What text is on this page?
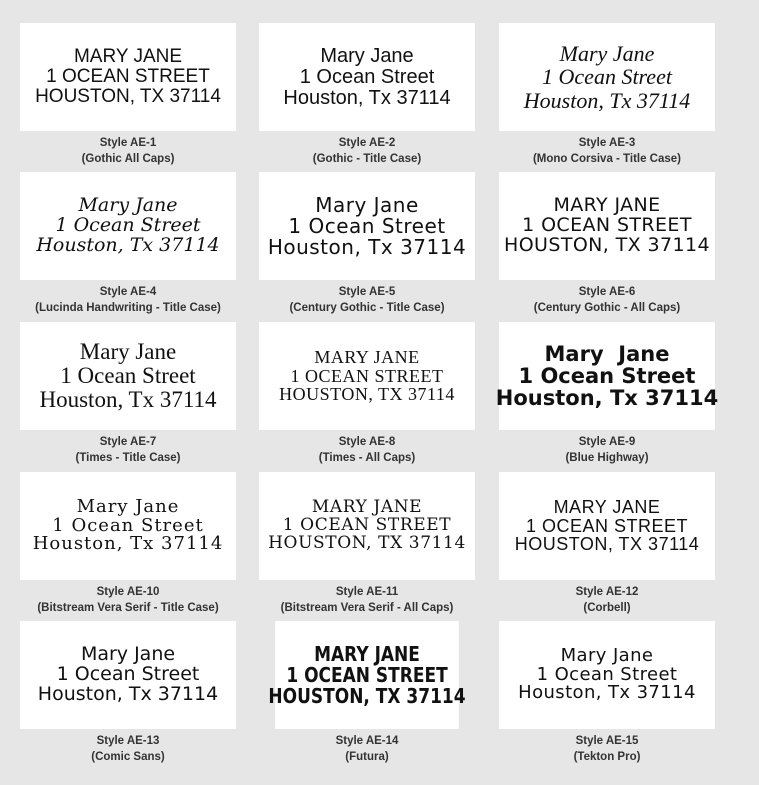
MARY JANE
1 OCEAN STREET
HOUSTON, TX 37114
Style AE-1
(Gothic All Caps)
Mary Jane
1 Ocean Street
Houston, Tx 37114
Style AE-2
(Gothic - Title Case)
Mary Jane
1 Ocean Street
Houston, Tx 37114
Style AE-3
(Mono Corsiva - Title Case)
Mary Jane
1 Ocean Street
Houston, Tx 37114
Style AE-4
(Lucinda Handwriting - Title Case)
Mary Jane
1 Ocean Street
Houston, Tx 37114
Style AE-5
(Century Gothic - Title Case)
MARY JANE
1 OCEAN STREET
HOUSTON, TX 37114
Style AE-6
(Century Gothic - All Caps)
Mary Jane
1 Ocean Street
Houston, Tx 37114
Style AE-7
(Times - Title Case)
MARY JANE
1 OCEAN STREET
HOUSTON, TX 37114
Style AE-8
(Times - All Caps)
Mary  Jane
1 Ocean Street
Houston, Tx 37114
Style AE-9
(Blue Highway)
Mary Jane
1 Ocean Street
Houston, Tx 37114
Style AE-10
(Bitstream Vera Serif - Title Case)
MARY JANE
1 OCEAN STREET
HOUSTON, TX 37114
Style AE-11
(Bitstream Vera Serif - All Caps)
MARY JANE
1 OCEAN STREET
HOUSTON, TX 37114
Style AE-12
(Corbell)
Mary Jane
1 Ocean Street
Houston, Tx 37114
Style AE-13
(Comic Sans)
MARY JANE
1 OCEAN STREET
HOUSTON, TX 37114
Style AE-14
(Futura)
Mary Jane
1 Ocean Street
Houston, Tx 37114
Style AE-15
(Tekton Pro)
